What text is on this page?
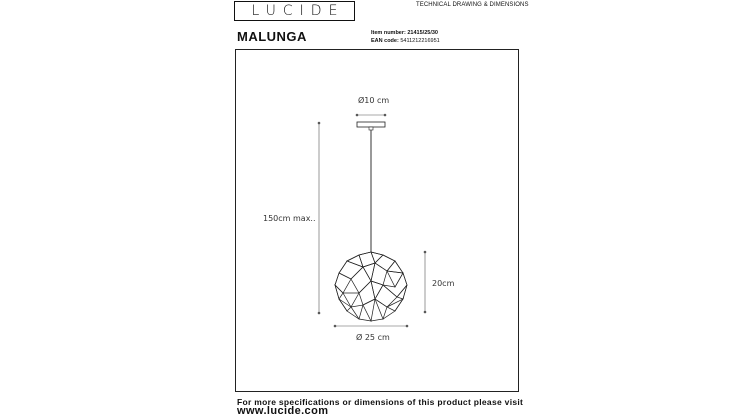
LUCIDE	TECHNICAL DRAWING & DIMENSIONS
MALUNGA	Item number: 21415/25/30
EAN code: 5411212216951
Ø10 cm
150cm max..
20cm
Ø 25 cm
For more specifications or dimensions of this product please visit
www.lucide.com
